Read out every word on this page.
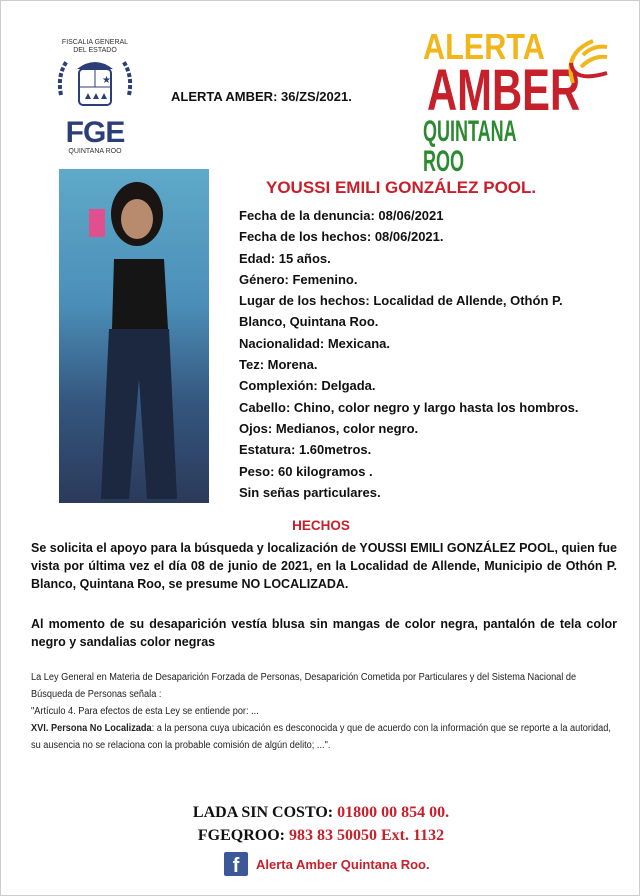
FISCALIA GENERAL
DEL ESTADO
★
FGE
QUINTANA ROO
ALERTA AMBER: 36/ZS/2021.
ALERTA
AMBER
QUINTANA ROO
YOUSSI EMILI GONZÁLEZ POOL.
Fecha de la denuncia: 08/06/2021
Fecha de los hechos: 08/06/2021.
Edad: 15 años.
Género: Femenino.
Lugar de los hechos: Localidad de Allende, Othón P.
Blanco, Quintana Roo.
Nacionalidad: Mexicana.
Tez: Morena.
Complexión: Delgada.
Cabello: Chino, color negro y largo hasta los hombros.
Ojos: Medianos, color negro.
Estatura: 1.60metros.
Peso: 60 kilogramos .
Sin señas particulares.
HECHOS
Se solicita el apoyo para la búsqueda y localización de YOUSSI EMILI GONZÁLEZ POOL, quien fue vista por última vez el día 08 de junio de 2021, en la Localidad de Allende, Municipio de Othón P. Blanco, Quintana Roo, se presume NO LOCALIZADA.
Al momento de su desaparición vestía blusa sin mangas de color negra, pantalón de tela color negro y sandalias color negras
La Ley General en Materia de Desaparición Forzada de Personas, Desaparición Cometida por Particulares y del Sistema Nacional de Búsqueda de Personas señala :
"Artículo 4. Para efectos de esta Ley se entiende por: ...
XVI. Persona No Localizada: a la persona cuya ubicación es desconocida y que de acuerdo con la información que se reporte a la autoridad, su ausencia no se relaciona con la probable comisión de algún delito; ...".
LADA SIN COSTO: 01800 00 854 00.
FGEQROO: 983 83 50050 Ext. 1132
f	Alerta Amber Quintana Roo.
